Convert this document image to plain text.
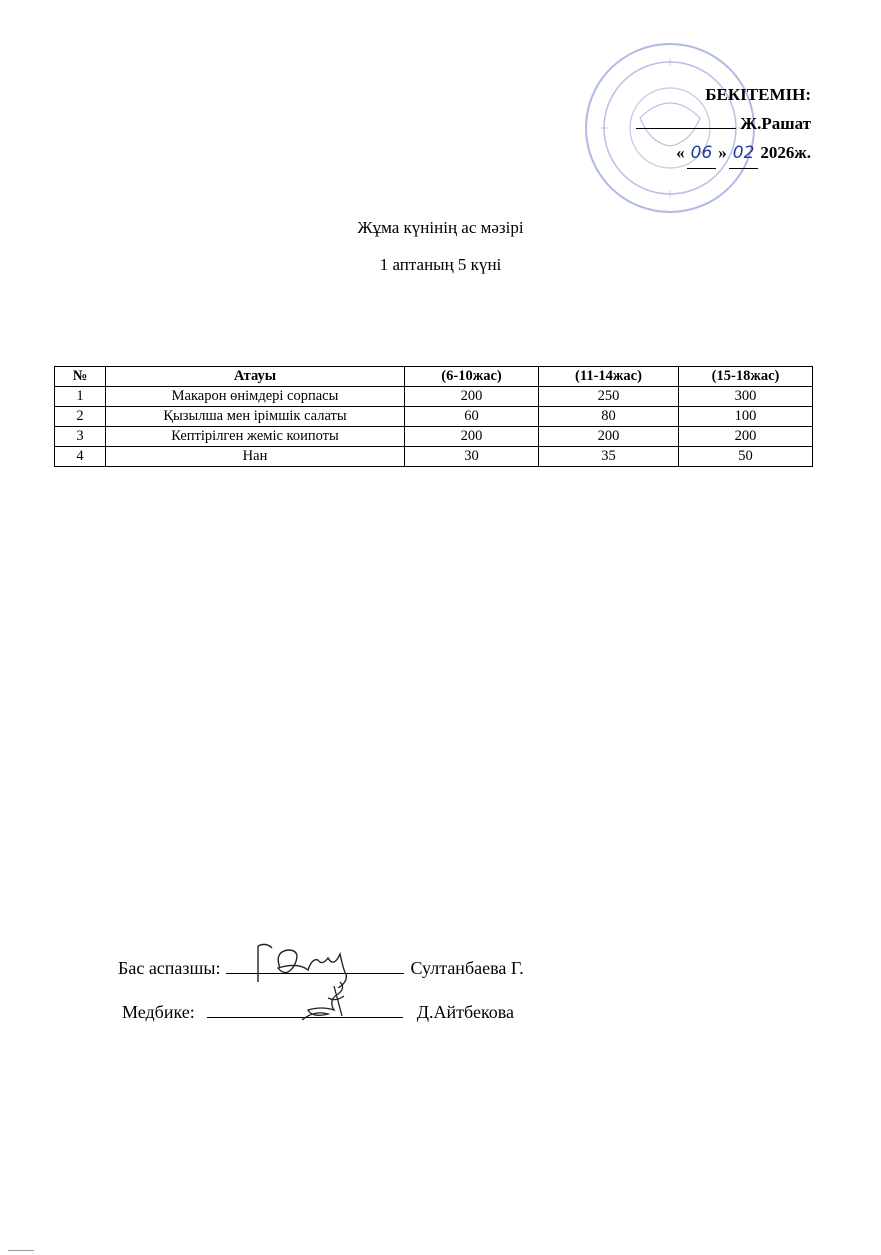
БЕКІТЕМІН:
Ж.Рашат
« 06 » 02 2026ж.
Жұма күнінің ас мәзірі
1 аптаның 5 күні
№	Атауы	(6-10жас)	(11-14жас)	(15-18жас)
1	Макарон өнімдері сорпасы	200	250	300
2	Қызылша мен ірімшік салаты	60	80	100
3	Кептірілген жеміс коипоты	200	200	200
4	Нан	30	35	50
Бас аспазшы:	Султанбаева Г.
Медбике:	Д.Айтбекова
